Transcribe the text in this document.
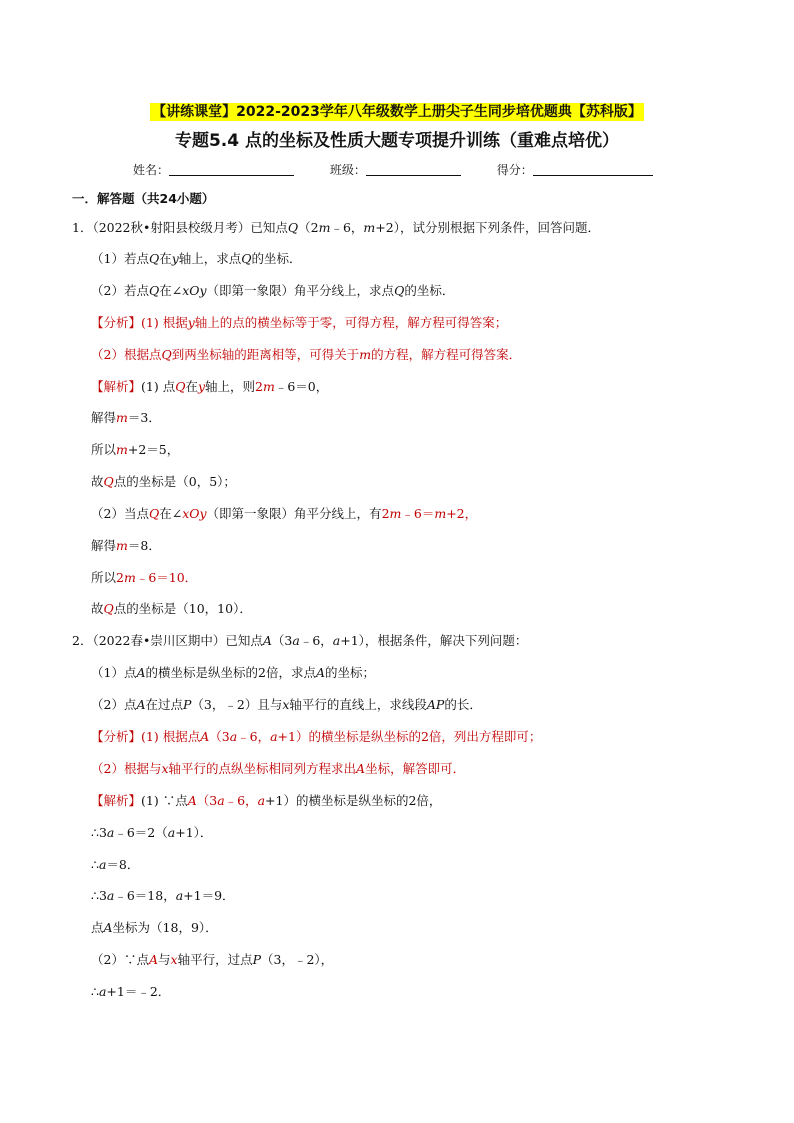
【讲练课堂】2022-2023学年八年级数学上册尖子生同步培优题典【苏科版】
专题5.4 点的坐标及性质大题专项提升训练（重难点培优）
姓名：	班级：	得分：
一．解答题（共24小题）
1．（2022秋•射阳县校级月考）已知点Q（2m﹣6，m+2），试分别根据下列条件，回答问题．
（1）若点Q在y轴上，求点Q的坐标．
（2）若点Q在∠xOy（即第一象限）角平分线上，求点Q的坐标．
【分析】(1) 根据y轴上的点的横坐标等于零，可得方程，解方程可得答案；
（2）根据点Q到两坐标轴的距离相等，可得关于m的方程，解方程可得答案．
【解析】(1) 点Q在y轴上，则2m﹣6＝0，
解得m＝3．
所以m+2＝5，
故Q点的坐标是（0，5）；
（2）当点Q在∠xOy（即第一象限）角平分线上，有2m﹣6＝m+2，
解得m＝8．
所以2m﹣6＝10．
故Q点的坐标是（10，10）．
2．（2022春•崇川区期中）已知点A（3a﹣6，a+1），根据条件，解决下列问题：
（1）点A的横坐标是纵坐标的2倍，求点A的坐标；
（2）点A在过点P（3，﹣2）且与x轴平行的直线上，求线段AP的长．
【分析】(1) 根据点A（3a﹣6，a+1）的横坐标是纵坐标的2倍，列出方程即可；
（2）根据与x轴平行的点纵坐标相同列方程求出A坐标，解答即可．
【解析】(1) ∵点A（3a﹣6，a+1）的横坐标是纵坐标的2倍，
∴3a﹣6＝2（a+1）．
∴a＝8．
∴3a﹣6＝18，a+1＝9．
点A坐标为（18，9）．
（2）∵点A与x轴平行，过点P（3，﹣2），
∴a+1＝﹣2．
